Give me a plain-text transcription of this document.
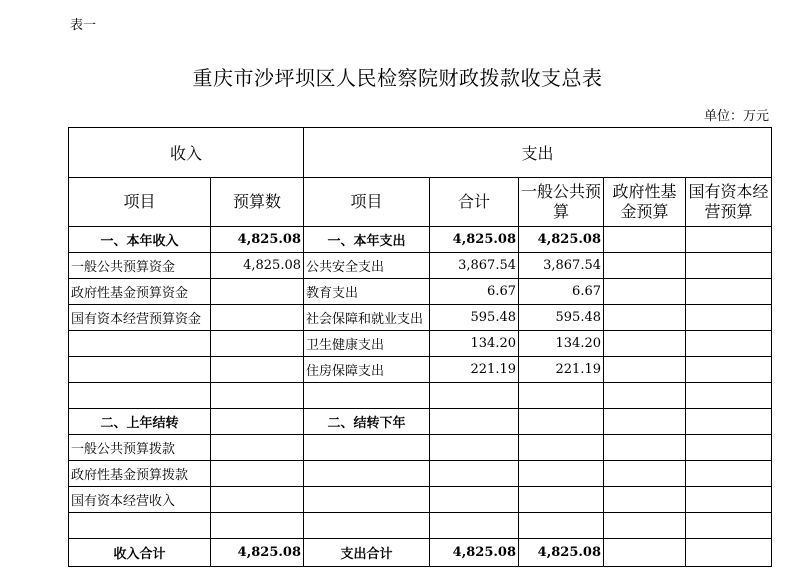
表一
重庆市沙坪坝区人民检察院财政拨款收支总表
单位：万元
收入		支出				
项目	预算数	项目	合计	一般公共预算	政府性基金预算	国有资本经营预算
一、本年收入	4,825.08	一、本年支出	4,825.08	4,825.08		
一般公共预算资金	4,825.08	公共安全支出	3,867.54	3,867.54		
政府性基金预算资金		教育支出	6.67	6.67		
国有资本经营预算资金		社会保障和就业支出	595.48	595.48		
		卫生健康支出	134.20	134.20		
		住房保障支出	221.19	221.19		

二、上年结转		二、结转下年				
一般公共预算拨款						
政府性基金预算拨款						
国有资本经营收入						

收入合计	4,825.08	支出合计	4,825.08	4,825.08		
